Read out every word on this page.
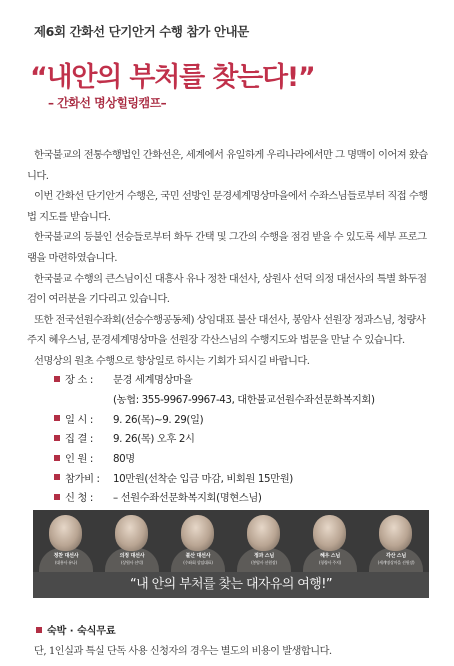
제6회 간화선 단기안거 수행 참가 안내문
“내안의 부처를 찾는다!”
– 간화선 명상힐링캠프–

한국불교의 전통수행법인 간화선은, 세계에서 유일하게 우리나라에서만 그 명맥이 이어져 왔습니다.

이번 간화선 단기안거 수행은, 국민 선방인 문경세계명상마을에서 수좌스님들로부터 직접 수행법 지도를 받습니다.

한국불교의 등불인 선승들로부터 화두 간택 및 그간의 수행을 점검 받을 수 있도록 세부 프로그램을 마련하였습니다.

한국불교 수행의 큰스님이신 대흥사 유나 정찬 대선사, 상원사 선덕 의정 대선사의 특별 화두점검이 여러분을 기다리고 있습니다.

또한 전국선원수좌회(선승수행공동체) 상임대표 불산 대선사, 봉암사 선원장 정과스님, 청량사 주지 혜우스님, 문경세계명상마을 선원장 각산스님의 수행지도와 법문을 만날 수 있습니다.

선명상의 원초 수행으로 향상일로 하시는 기회가 되시길 바랍니다.

장 소 :	문경 세계명상마을
(농협: 355-9967-9967-43, 대한불교선원수좌선문화복지회)
일 시 :	9. 26(목)~9. 29(일)
집 결 :	9. 26(목) 오후 2시
인 원 :	80명
참가비 :	10만원(선착순 입금 마감, 비회원 15만원)
신 청 :	– 선원수좌선문화복지회(명현스님)
정찬 대선사
(대흥사 유나)
의정 대선사
(상원사 선덕)
불산 대선사
(수좌회 상임대표)
정과 스님
(봉암사 선원장)
혜우 스님
(청량사 주지)
각산 스님
(세계명상마을 선원장)
“내 안의 부처를 찾는 대자유의 여행!”
숙박 · 숙식무료
단, 1인실과 특실 단독 사용 신청자의 경우는 별도의 비용이 발생합니다.
